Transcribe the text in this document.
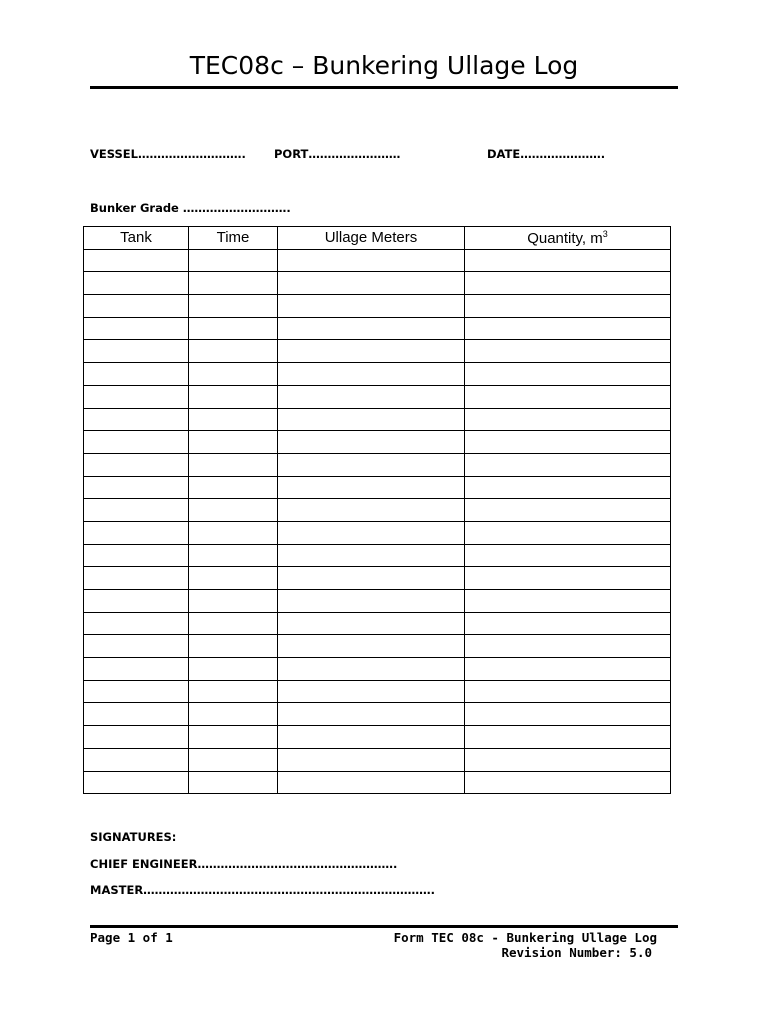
TEC08c – Bunkering Ullage Log
VESSEL………………………. PORT……………………	DATE………………….
Bunker Grade ……………………….
Tank	Time	Ullage Meters	Quantity, $m^3$

SIGNATURES:
CHIEF ENGINEER…………………………………………….
MASTER………………………………………………………………….
Page 1 of 1	Form TEC 08c - Bunkering Ullage Log
Revision Number: 5.0
